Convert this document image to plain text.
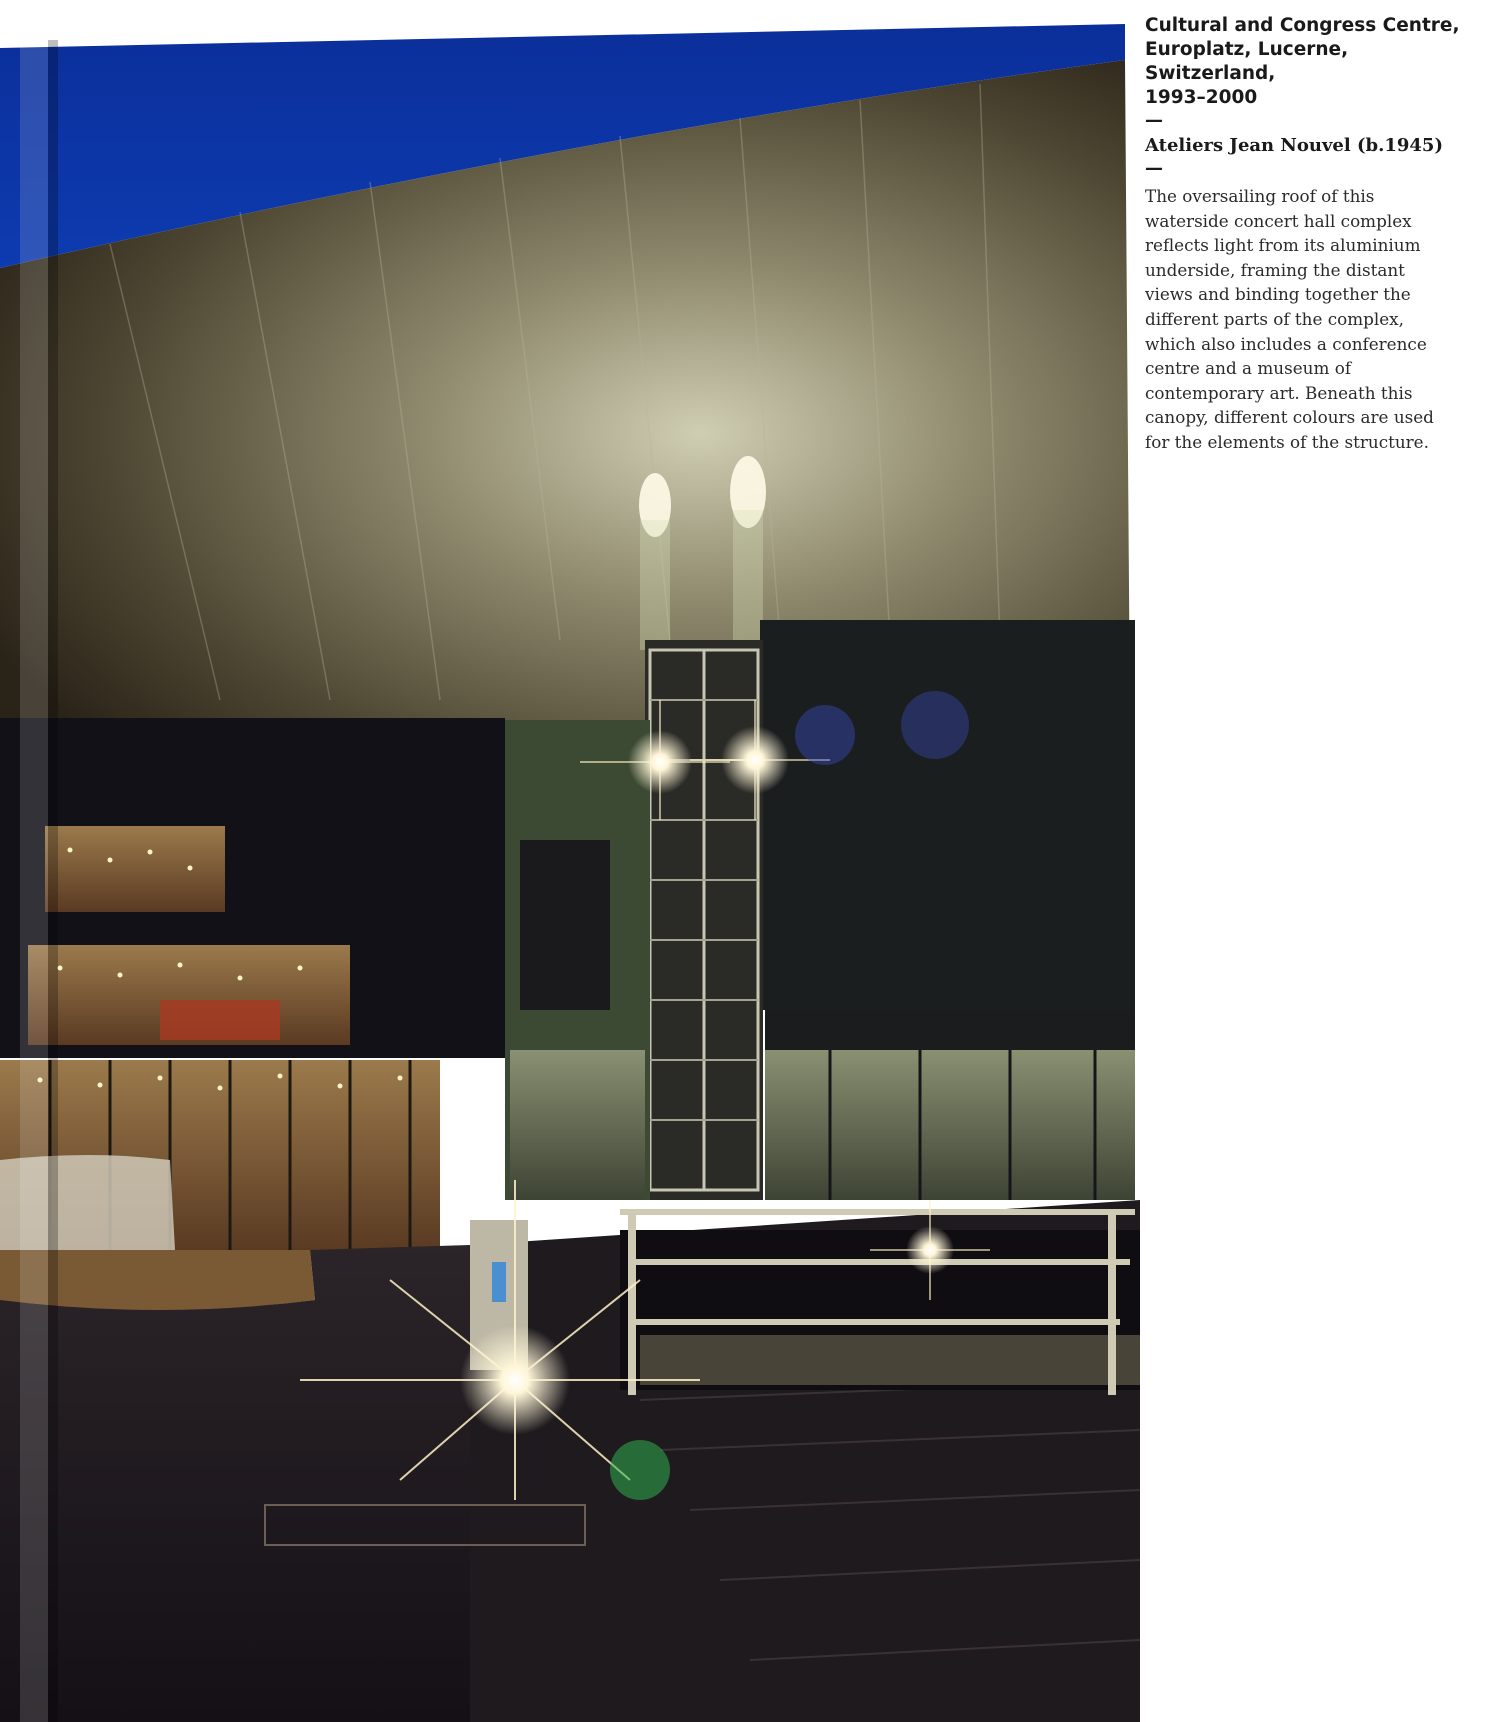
Cultural and Congress Centre,
Europlatz, Lucerne, Switzerland,
1993–2000

—

Ateliers Jean Nouvel (b.1945)

—

The oversailing roof of this
waterside concert hall complex
reflects light from its aluminium
underside, framing the distant
views and binding together the
different parts of the complex,
which also includes a conference
centre and a museum of
contemporary art. Beneath this
canopy, different colours are used
for the elements of the structure.
